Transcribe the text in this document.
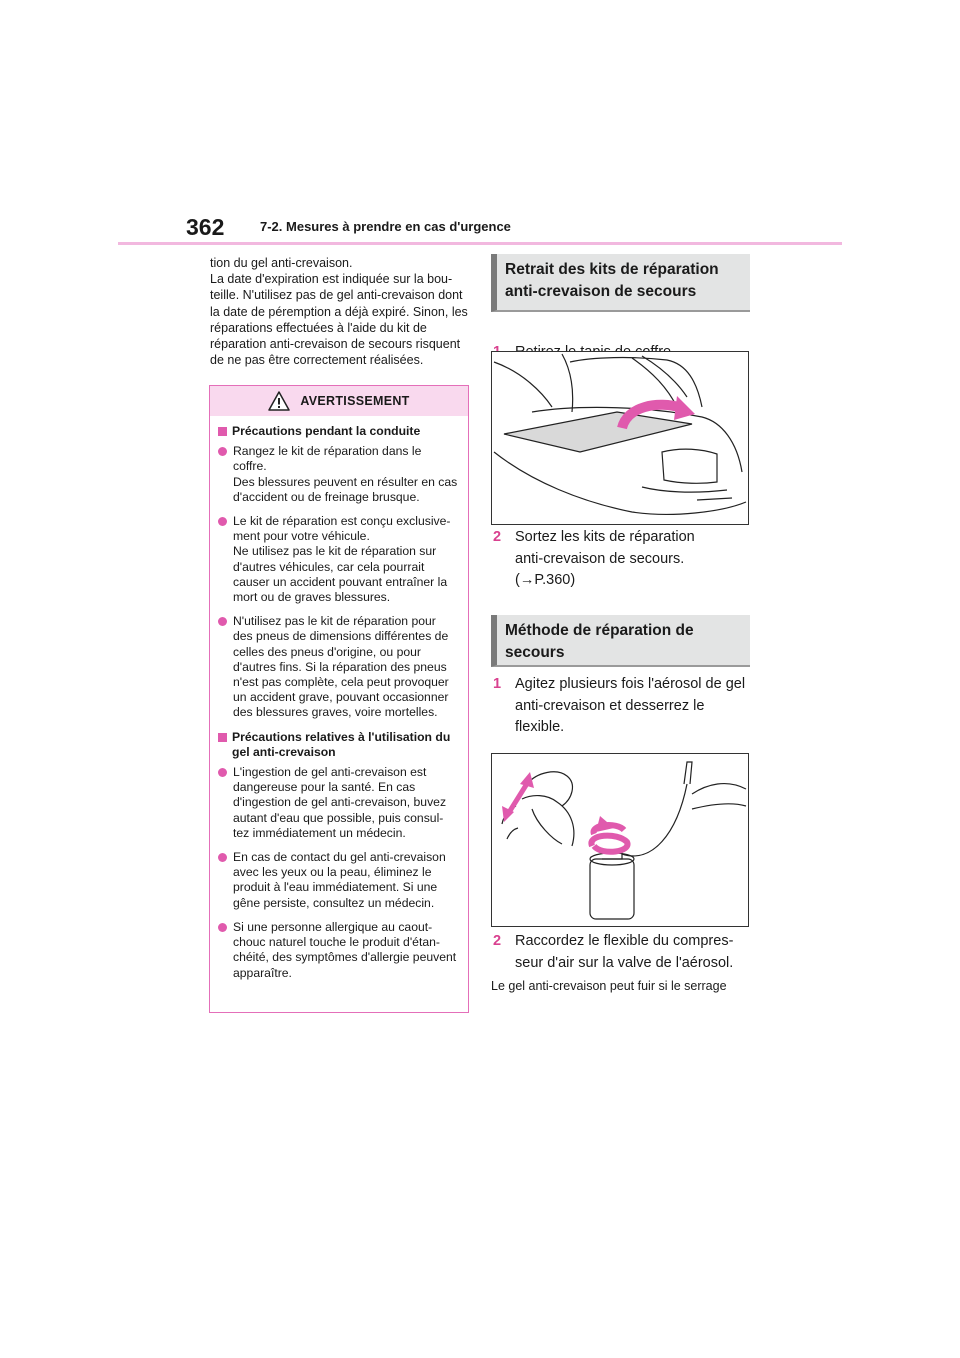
362	7-2. Mesures à prendre en cas d'urgence

tion du gel anti-crevaison.

La date d'expiration est indiquée sur la bou-teille. N'utilisez pas de gel anti-crevaison dont la date de péremption a déjà expiré. Sinon, les réparations effectuées à l'aide du kit de réparation anti-crevaison de secours risquent de ne pas être correctement réalisées.

AVERTISSEMENT
Précautions pendant la conduite
Rangez le kit de réparation dans le coffre.
Des blessures peuvent en résulter en cas d'accident ou de freinage brusque.
Le kit de réparation est conçu exclusive-ment pour votre véhicule.
Ne utilisez pas le kit de réparation sur d'autres véhicules, car cela pourrait causer un accident pouvant entraîner la mort ou de graves blessures.
N'utilisez pas le kit de réparation pour des pneus de dimensions différentes de celles des pneus d'origine, ou pour d'autres fins. Si la réparation des pneus n'est pas complète, cela peut provoquer un accident grave, pouvant occasionner des blessures graves, voire mortelles.
Précautions relatives à l'utilisation du gel anti-crevaison
L'ingestion de gel anti-crevaison est dangereuse pour la santé. En cas d'ingestion de gel anti-crevaison, buvez autant d'eau que possible, puis consul-tez immédiatement un médecin.
En cas de contact du gel anti-crevaison avec les yeux ou la peau, éliminez le produit à l'eau immédiatement. Si une gêne persiste, consultez un médecin.
Si une personne allergique au caout-chouc naturel touche le produit d'étan-chéité, des symptômes d'allergie peuvent apparaître.
Retrait des kits de réparation anti-crevaison de secours
2 Sortez les kits de réparation
anti-crevaison de secours.
(→P.360)
Méthode de réparation de secours
1 Agitez plusieurs fois l'aérosol de gel
anti-crevaison et desserrez le
flexible.
2 Raccordez le flexible du compres-
seur d'air sur la valve de l'aérosol.
Le gel anti-crevaison peut fuir si le serrage
